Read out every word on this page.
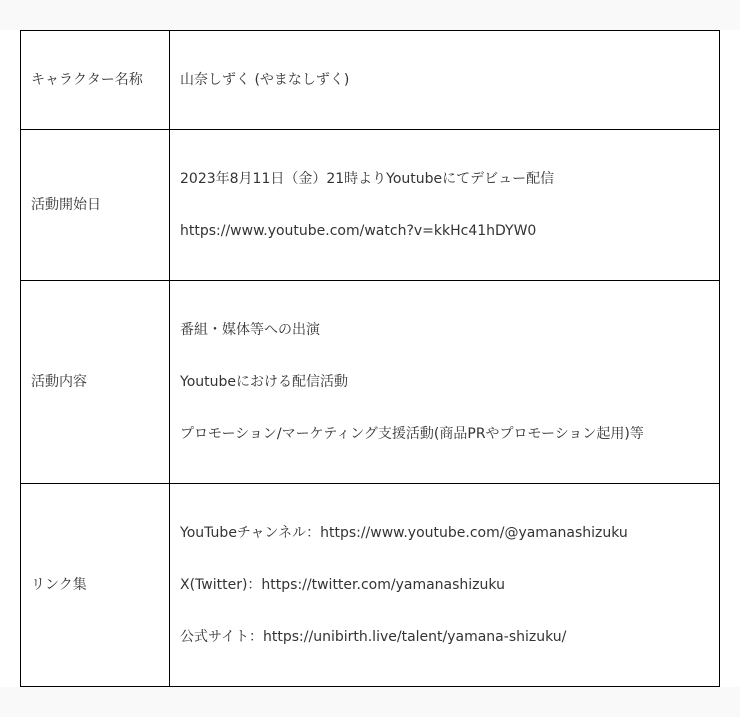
キャラクター名称	山奈しずく (やまなしずく)

活動開始日	2023年8月11日（金）21時よりYoutubeにてデビュー配信
https://www.youtube.com/watch?v=kkHc41hDYW0

活動内容	番組・媒体等への出演
Youtubeにおける配信活動
プロモーション/マーケティング支援活動(商品PRやプロモーション起用)等

リンク集	YouTubeチャンネル：https://www.youtube.com/@yamanashizuku
X(Twitter)：https://twitter.com/yamanashizuku
公式サイト：https://unibirth.live/talent/yamana-shizuku/
